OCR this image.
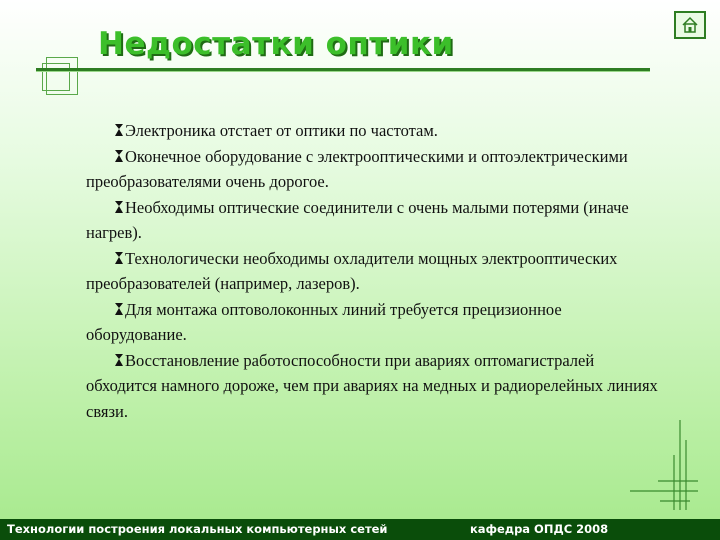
Недостатки оптики

Электроника отстает от оптики по частотам.

Оконечное оборудование с электрооптическими и оптоэлектрическими преобразователями очень дорогое.

Необходимы оптические соединители с очень малыми потерями (иначе нагрев).

Технологически необходимы охладители мощных электрооптических преобразователей (например, лазеров).

Для монтажа оптоволоконных линий требуется прецизионное оборудование.

Восстановление работоспособности при авариях оптомагистралей обходится намного дороже, чем при авариях на медных и радиорелейных линиях связи.

Технологии построения локальных компьютерных сетей	кафедра ОПДС 2008
